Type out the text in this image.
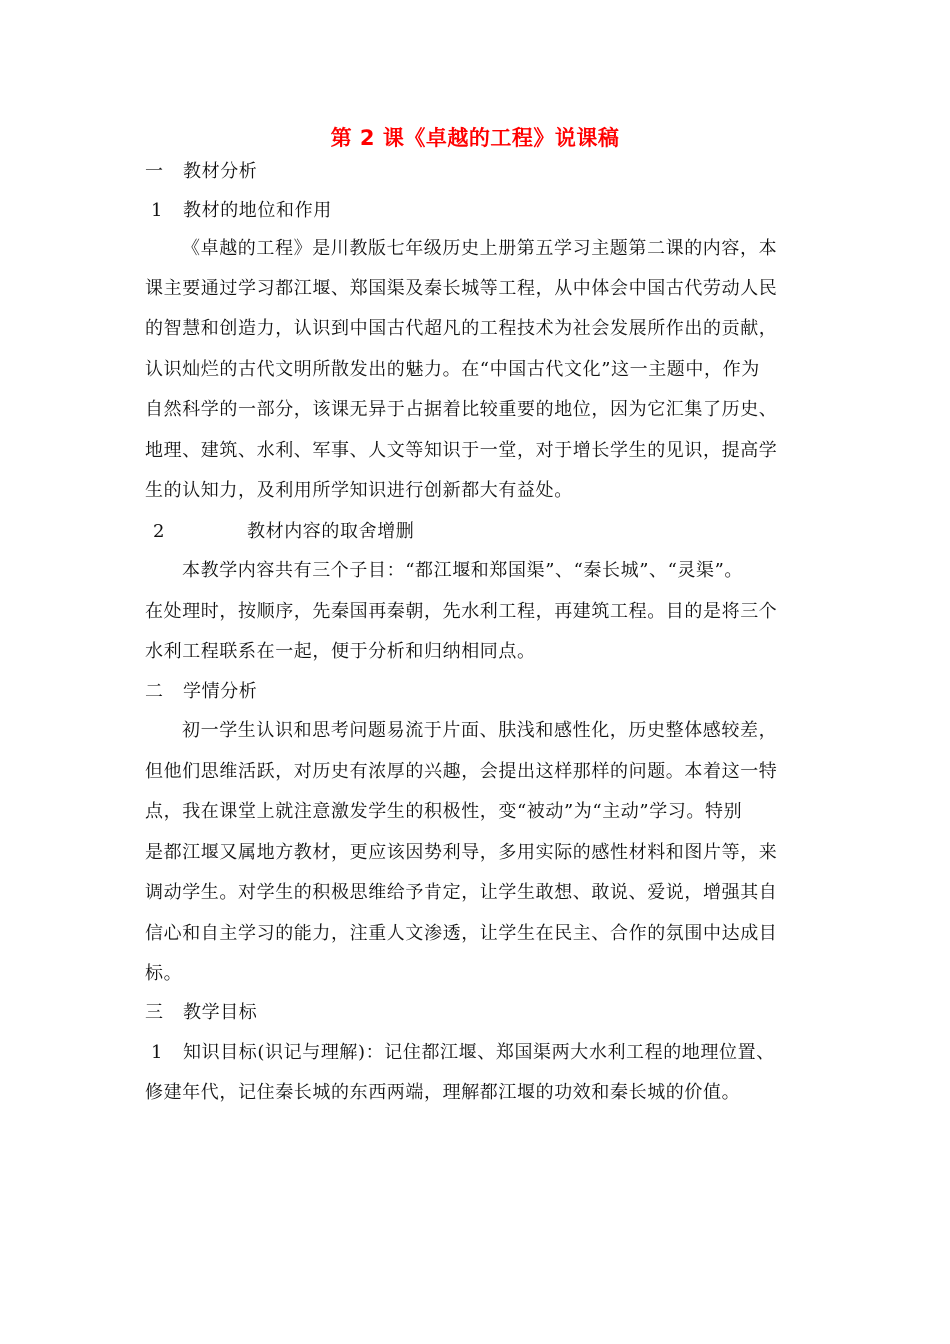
第 2 课《卓越的工程》说课稿
一 教材分析
1 教材的地位和作用
《卓越的工程》是川教版七年级历史上册第五学习主题第二课的内容，本
课主要通过学习都江堰、郑国渠及秦长城等工程，从中体会中国古代劳动人民
的智慧和创造力，认识到中国古代超凡的工程技术为社会发展所作出的贡献，
认识灿烂的古代文明所散发出的魅力。在“中国古代文化”这一主题中，作为
自然科学的一部分，该课无异于占据着比较重要的地位，因为它汇集了历史、
地理、建筑、水利、军事、人文等知识于一堂，对于增长学生的见识，提高学
生的认知力，及利用所学知识进行创新都大有益处。
2	教材内容的取舍增删
本教学内容共有三个子目：“都江堰和郑国渠”、“秦长城”、“灵渠”。
在处理时，按顺序，先秦国再秦朝，先水利工程，再建筑工程。目的是将三个
水利工程联系在一起，便于分析和归纳相同点。
二 学情分析
初一学生认识和思考问题易流于片面、肤浅和感性化，历史整体感较差，
但他们思维活跃，对历史有浓厚的兴趣，会提出这样那样的问题。本着这一特
点，我在课堂上就注意激发学生的积极性，变“被动”为“主动”学习。特别
是都江堰又属地方教材，更应该因势利导，多用实际的感性材料和图片等，来
调动学生。对学生的积极思维给予肯定，让学生敢想、敢说、爱说，增强其自
信心和自主学习的能力，注重人文渗透，让学生在民主、合作的氛围中达成目
标。
三 教学目标
1 知识目标(识记与理解)：记住都江堰、郑国渠两大水利工程的地理位置、
修建年代，记住秦长城的东西两端，理解都江堰的功效和秦长城的价值。
